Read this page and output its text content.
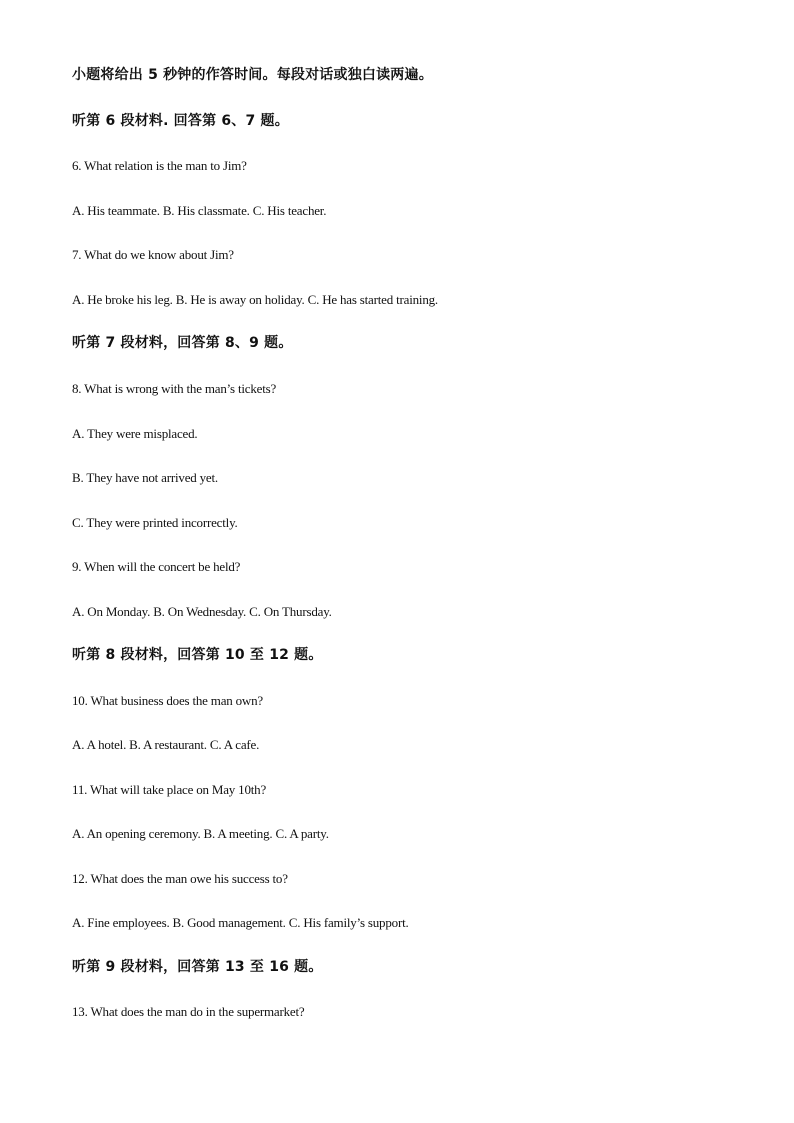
小题将给出 5 秒钟的作答时间。每段对话或独白读两遍。
听第 6 段材料. 回答第 6、7 题。
6. What relation is the man to Jim?
A. His teammate. B. His classmate. C. His teacher.
7. What do we know about Jim?
A. He broke his leg. B. He is away on holiday. C. He has started training.
听第 7 段材料，回答第 8、9 题。
8. What is wrong with the man’s tickets?
A. They were misplaced.
B. They have not arrived yet.
C. They were printed incorrectly.
9. When will the concert be held?
A. On Monday. B. On Wednesday. C. On Thursday.
听第 8 段材料，回答第 10 至 12 题。
10. What business does the man own?
A. A hotel. B. A restaurant. C. A cafe.
11. What will take place on May 10th?
A. An opening ceremony. B. A meeting. C. A party.
12. What does the man owe his success to?
A. Fine employees. B. Good management. C. His family’s support.
听第 9 段材料，回答第 13 至 16 题。
13. What does the man do in the supermarket?
